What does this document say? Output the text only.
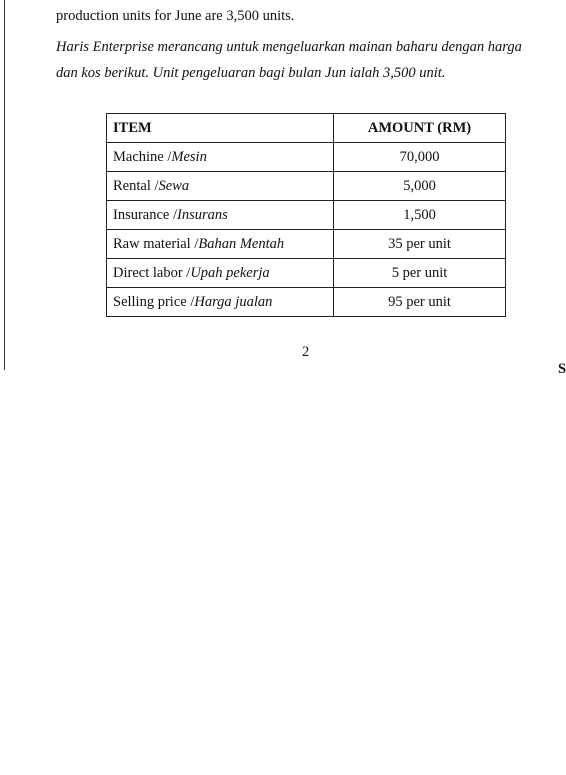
production units for June are 3,500 units.
Haris Enterprise merancang untuk mengeluarkan mainan baharu dengan harga
dan kos berikut. Unit pengeluaran bagi bulan Jun ialah 3,500 unit.
ITEM	AMOUNT (RM)
Machine /Mesin	70,000
Rental /Sewa	5,000
Insurance /Insurans	1,500
Raw material /Bahan Mentah	35 per unit
Direct labor /Upah pekerja	5 per unit
Selling price /Harga jualan	95 per unit
2
S
